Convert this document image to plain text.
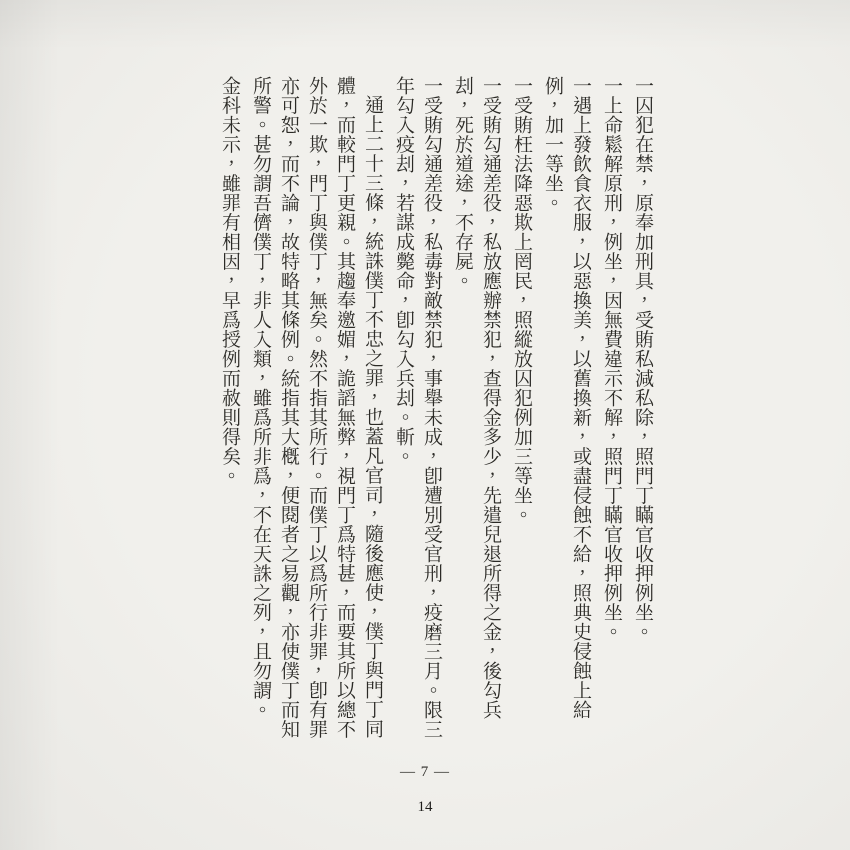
一囚犯在禁，原奉加刑具，受賄私減私除，照門丁瞞官收押例坐。

一上命鬆解原刑，例坐，因無費違示不解，照門丁瞞官收押例坐。

一遇上發飲食衣服，以惡換美，以舊換新，或盡侵蝕不給，照典史侵蝕上給例，加一等坐。

一受賄枉法降惡欺上罔民，照縱放囚犯例加三等坐。

一受賄勾通差役，私放應辦禁犯，查得金多少，先遣兒退所得之金，後勾兵刦，死於道途，不存屍。

一受賄勾通差役，私毒對敵禁犯，事舉未成，卽遭別受官刑，疫磨三月。限三年勾入疫刦，若謀成斃命，卽勾入兵刦。斬。

通上二十三條，統誅僕丁不忠之罪，也蓋凡官司，隨後應使，僕丁與門丁同體，而較門丁更親。其趨奉邀媚，詭謟無弊，視門丁爲特甚，而要其所以總不外於一欺，門丁與僕丁，無矣。然不指其所行。而僕丁以爲所行非罪，卽有罪亦可恕，而不論，故特略其條例。統指其大槪，便閱者之易觀，亦使僕丁而知所警。甚勿謂吾儕僕丁，非人入類，雖爲所非爲，不在天誅之列，且勿謂。

金科未示，雖罪有相因，早爲授例而赦則得矣。

— 7 —
14
